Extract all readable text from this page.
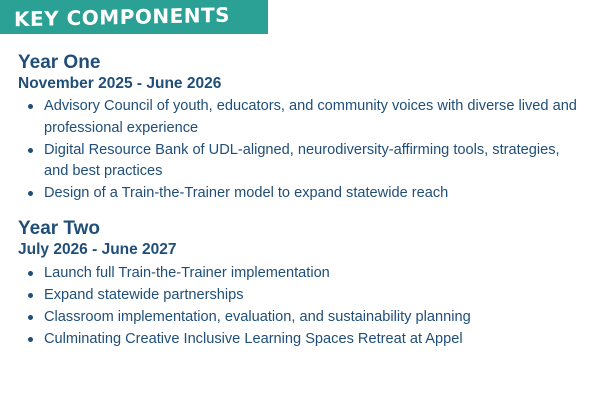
KEY COMPONENTS
Year One
November 2025 - June 2026
Advisory Council of youth, educators, and community voices with diverse lived and professional experience
Digital Resource Bank of UDL-aligned, neurodiversity-affirming tools, strategies, and best practices
Design of a Train-the-Trainer model to expand statewide reach
Year Two
July 2026 - June 2027
Launch full Train-the-Trainer implementation
Expand statewide partnerships
Classroom implementation, evaluation, and sustainability planning
Culminating Creative Inclusive Learning Spaces Retreat at Appel
